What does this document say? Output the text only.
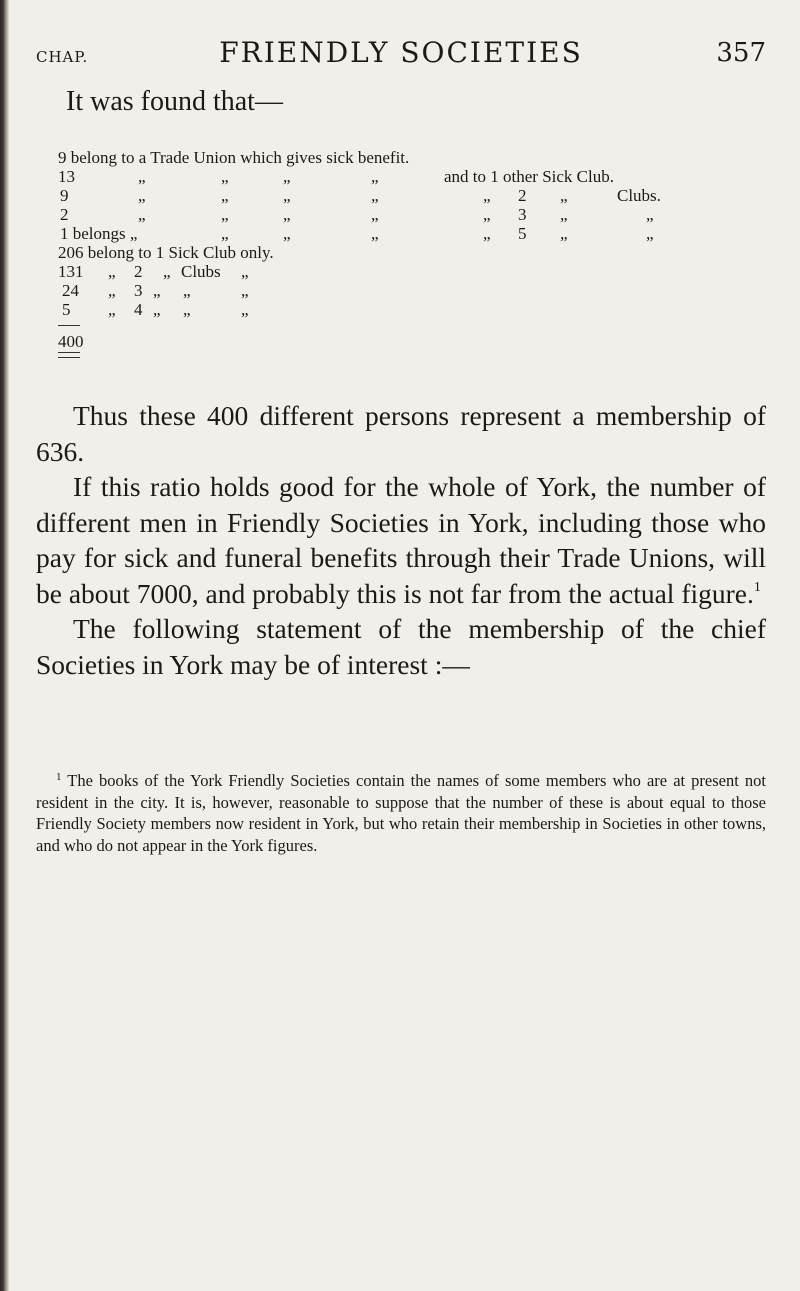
CHAP.	FRIENDLY SOCIETIES	357
It was found that—
9 belong to a Trade Union which gives sick benefit.
13	„	„	„	„	and to 1 other Sick Club.
9	„	„	„	„	„ 2 „	Clubs.
2	„	„	„	„	„ 3 „	„
1 belongs „	„	„	„	„ 5 „	„
206 belong to 1 Sick Club only.
131 „ 2 „ Clubs „
24 „ 3 „ „	„
5 „ 4 „ „	„
400

Thus these 400 different persons represent a membership of 636.

If this ratio holds good for the whole of York, the number of different men in Friendly Societies in York, including those who pay for sick and funeral benefits through their Trade Unions, will be about 7000, and probably this is not far from the actual figure.$^1$

The following statement of the membership of the chief Societies in York may be of interest :—

$^1$ The books of the York Friendly Societies contain the names of some members who are at present not resident in the city. It is, however, reasonable to suppose that the number of these is about equal to those Friendly Society members now resident in York, but who retain their membership in Societies in other towns, and who do not appear in the York figures.
